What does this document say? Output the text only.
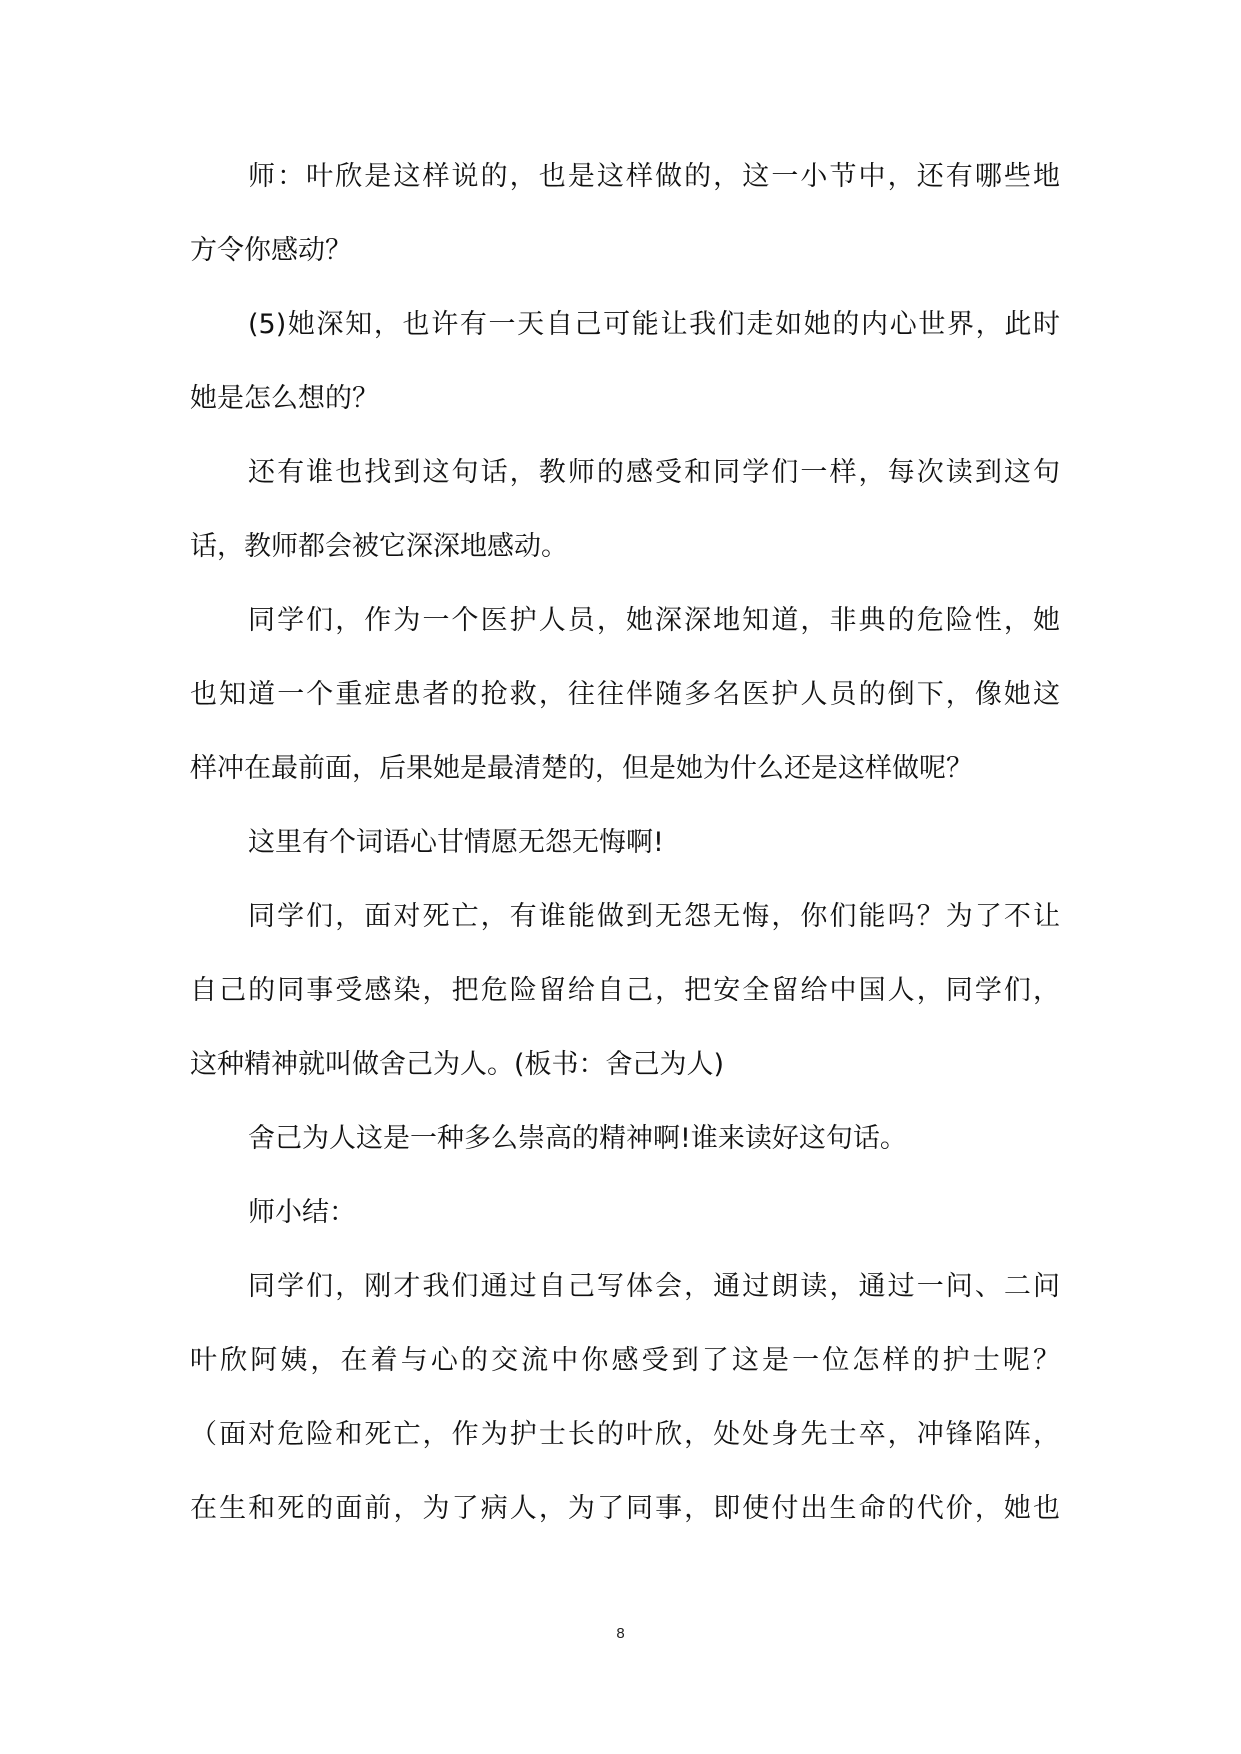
师：叶欣是这样说的，也是这样做的，这一小节中，还有哪些地
方令你感动？
(5)她深知，也许有一天自己可能让我们走如她的内心世界，此时
她是怎么想的？
还有谁也找到这句话，教师的感受和同学们一样，每次读到这句
话，教师都会被它深深地感动。
同学们，作为一个医护人员，她深深地知道，非典的危险性，她
也知道一个重症患者的抢救，往往伴随多名医护人员的倒下，像她这
样冲在最前面，后果她是最清楚的，但是她为什么还是这样做呢？
这里有个词语心甘情愿无怨无悔啊!
同学们，面对死亡，有谁能做到无怨无悔，你们能吗？为了不让
自己的同事受感染，把危险留给自己，把安全留给中国人，同学们，
这种精神就叫做舍己为人。(板书：舍己为人)
舍己为人这是一种多么崇高的精神啊!谁来读好这句话。
师小结：
同学们，刚才我们通过自己写体会，通过朗读，通过一问、二问
叶欣阿姨，在着与心的交流中你感受到了这是一位怎样的护士呢？
（面对危险和死亡，作为护士长的叶欣，处处身先士卒，冲锋陷阵，
在生和死的面前，为了病人，为了同事，即使付出生命的代价，她也
8
